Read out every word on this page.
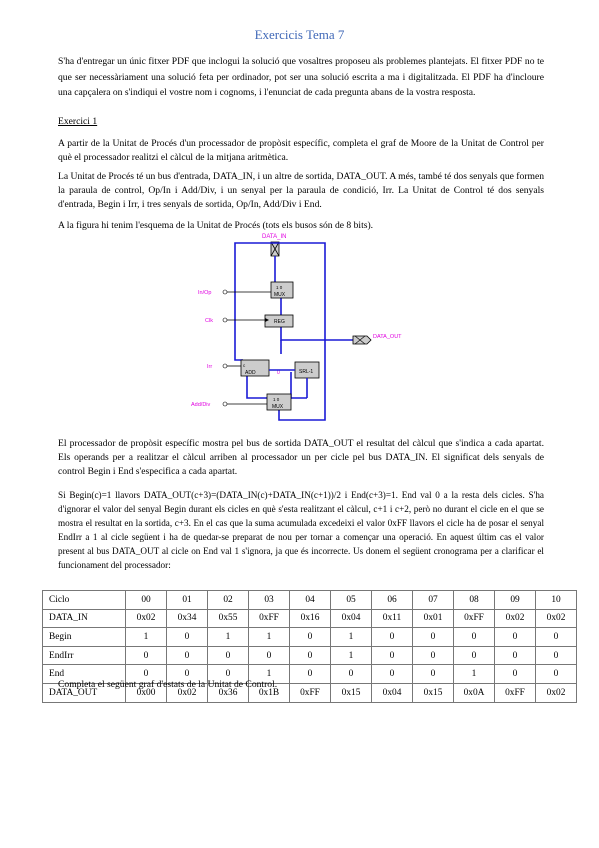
Exercicis Tema 7
S'ha d'entregar un únic fitxer PDF que inclogui la solució que vosaltres proposeu als problemes plantejats. El fitxer PDF no te que ser necessàriament una solució feta per ordinador, pot ser una solució escrita a ma i digitalitzada. El PDF ha d'incloure una capçalera on s'indiqui el vostre nom i cognoms, i l'enunciat de cada pregunta abans de la vostra resposta.
Exercici 1
A partir de la Unitat de Procés d'un processador de propòsit específic, completa el graf de Moore de la Unitat de Control per què el processador realitzi el càlcul de la mitjana aritmètica.
La Unitat de Procés té un bus d'entrada, DATA_IN, i un altre de sortida, DATA_OUT. A més, també té dos senyals que formen la paraula de control, Op/In i Add/Div, i un senyal per la paraula de condició, Irr. La Unitat de Control té dos senyals d'entrada, Begin i Irr, i tres senyals de sortida, Op/In, Add/Div i End.
A la figura hi tenim l'esquema de la Unitat de Procés (tots els busos són de 8 bits).
DATA_IN
1 0
MUX
In/Op
REG
Clk
DATA_OUT
c
ADD
Irr
0	SRL-1
1 0
MUX
Add/Div
El processador de propòsit específic mostra pel bus de sortida DATA_OUT el resultat del càlcul que s'indica a cada apartat. Els operands per a realitzar el càlcul arriben al processador un per cicle pel bus DATA_IN. El significat dels senyals de control Begin i End s'especifica a cada apartat.
Si Begin(c)=1 llavors DATA_OUT(c+3)=(DATA_IN(c)+DATA_IN(c+1))/2 i End(c+3)=1. End val 0 a la resta dels cicles. S'ha d'ignorar el valor del senyal Begin durant els cicles en què s'esta realitzant el càlcul, c+1 i c+2, però no durant el cicle en el que se mostra el resultat en la sortida, c+3. En el cas que la suma acumulada excedeixi el valor 0xFF llavors el cicle ha de posar el senyal EndIrr a 1 al cicle següent i ha de quedar-se preparat de nou per tornar a començar una operació. En aquest últim cas el valor present al bus DATA_OUT al cicle on End val 1 s'ignora, ja que és incorrecte. Us donem el següent cronograma per a clarificar el funcionament del processador:
Ciclo	00	01	02	03	04	05	06	07	08	09	10
DATA_IN	0x02	0x34	0x55	0xFF	0x16	0x04	0x11	0x01	0xFF	0x02	0x02
Begin	1	0	1	1	0	1	0	0	0	0	0
EndIrr	0	0	0	0	0	1	0	0	0	0	0
End	0	0	0	1	0	0	0	0	1	0	0
DATA_OUT	0x00	0x02	0x36	0x1B	0xFF	0x15	0x04	0x15	0x0A	0xFF	0x02
Completa el següent graf d'estats de la Unitat de Control.
